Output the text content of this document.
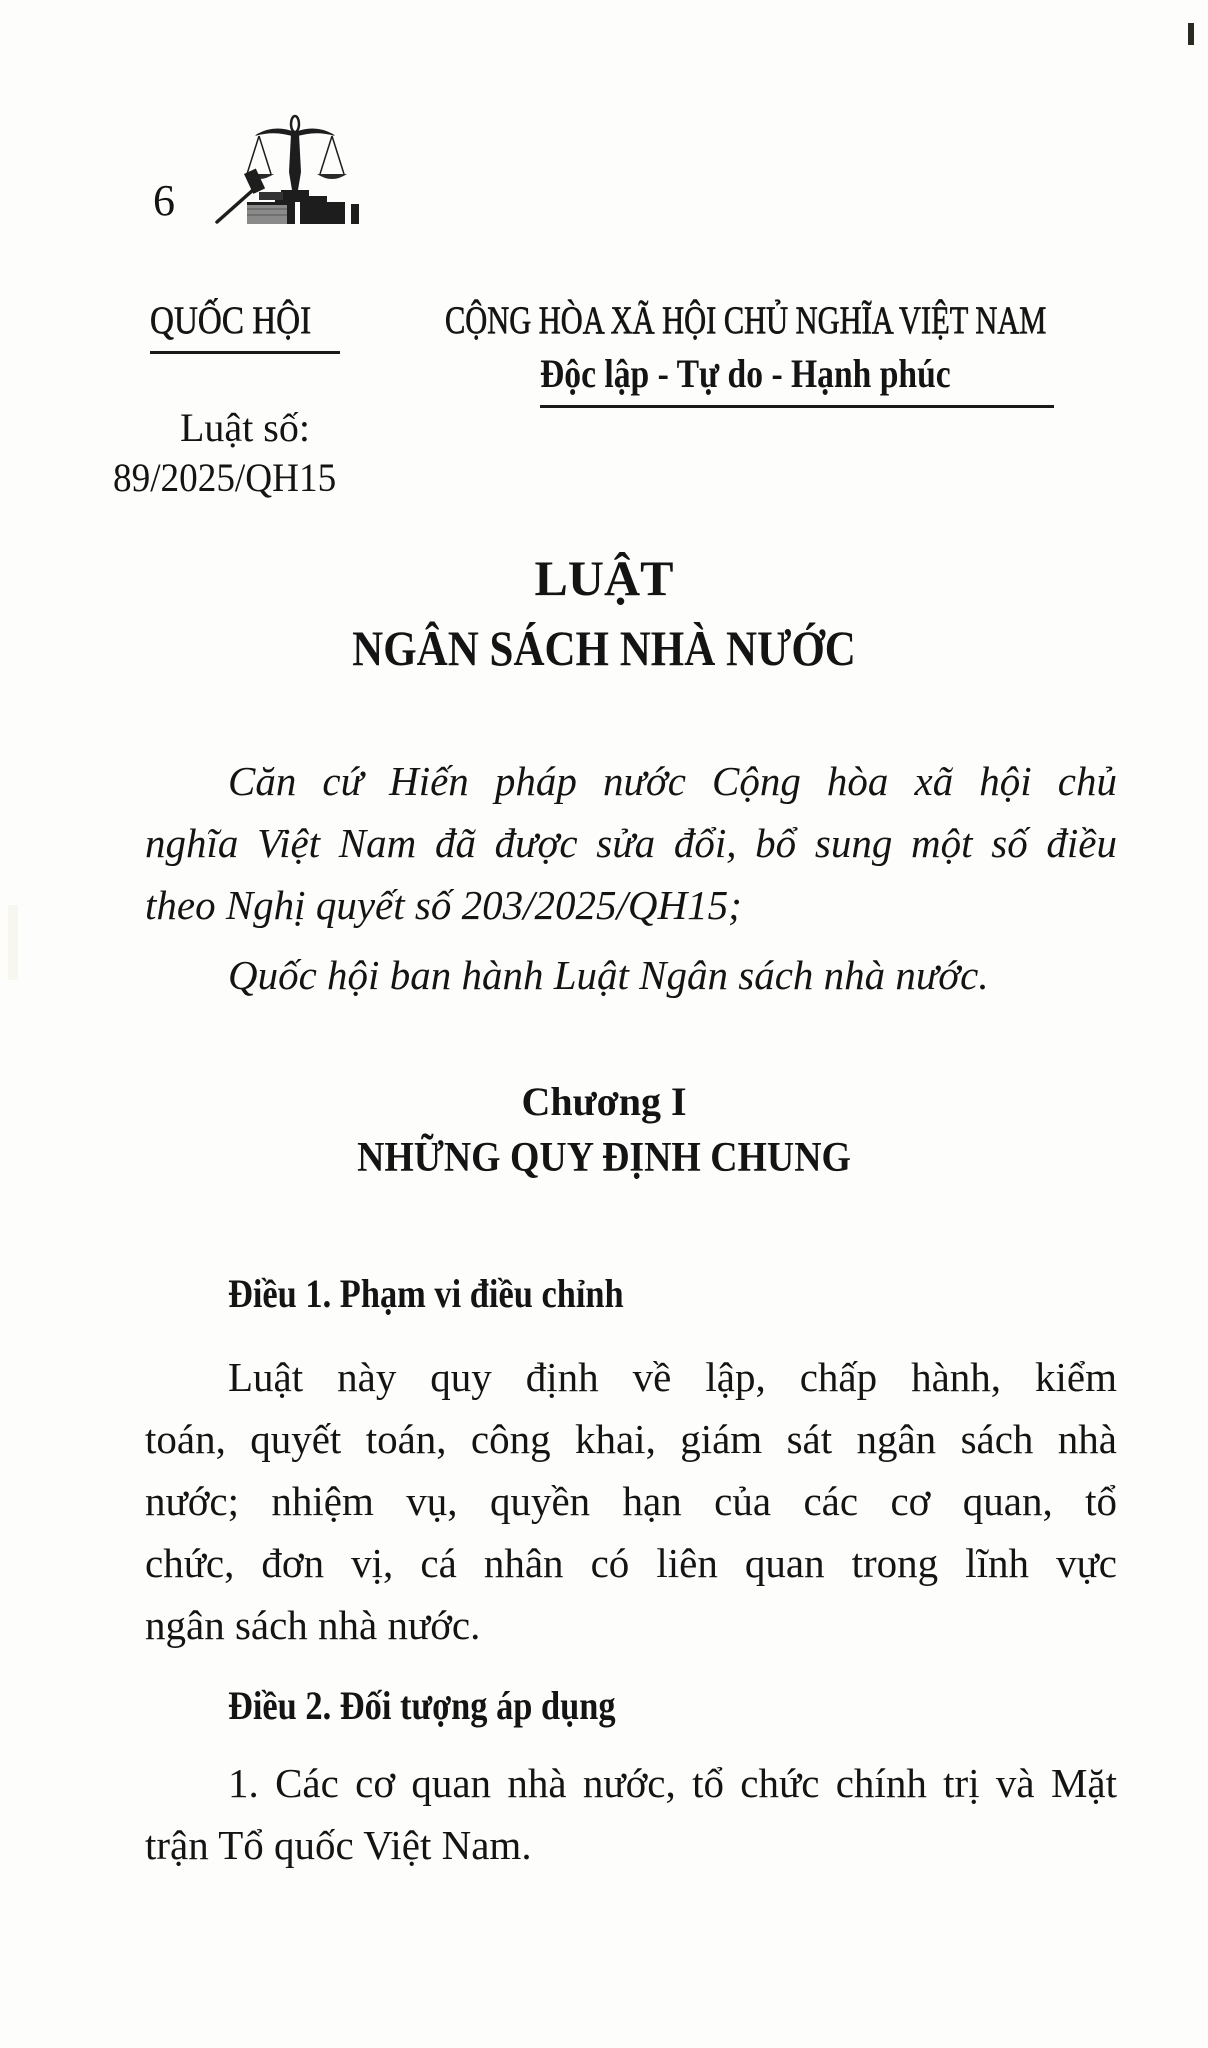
6
QUỐC HỘI
Luật số:
89/2025/QH15
CỘNG HÒA XÃ HỘI CHỦ NGHĨA VIỆT NAM
Độc lập - Tự do - Hạnh phúc
LUẬT
NGÂN SÁCH NHÀ NƯỚC
Căn cứ Hiến pháp nước Cộng hòa xã hội chủ
nghĩa Việt Nam đã được sửa đổi, bổ sung một số điều
theo Nghị quyết số 203/2025/QH15;
Quốc hội ban hành Luật Ngân sách nhà nước.
Chương I
NHỮNG QUY ĐỊNH CHUNG
Điều 1. Phạm vi điều chỉnh
Luật này quy định về lập, chấp hành, kiểm
toán, quyết toán, công khai, giám sát ngân sách nhà
nước; nhiệm vụ, quyền hạn của các cơ quan, tổ
chức, đơn vị, cá nhân có liên quan trong lĩnh vực
ngân sách nhà nước.
Điều 2. Đối tượng áp dụng
1. Các cơ quan nhà nước, tổ chức chính trị và Mặt
trận Tổ quốc Việt Nam.
